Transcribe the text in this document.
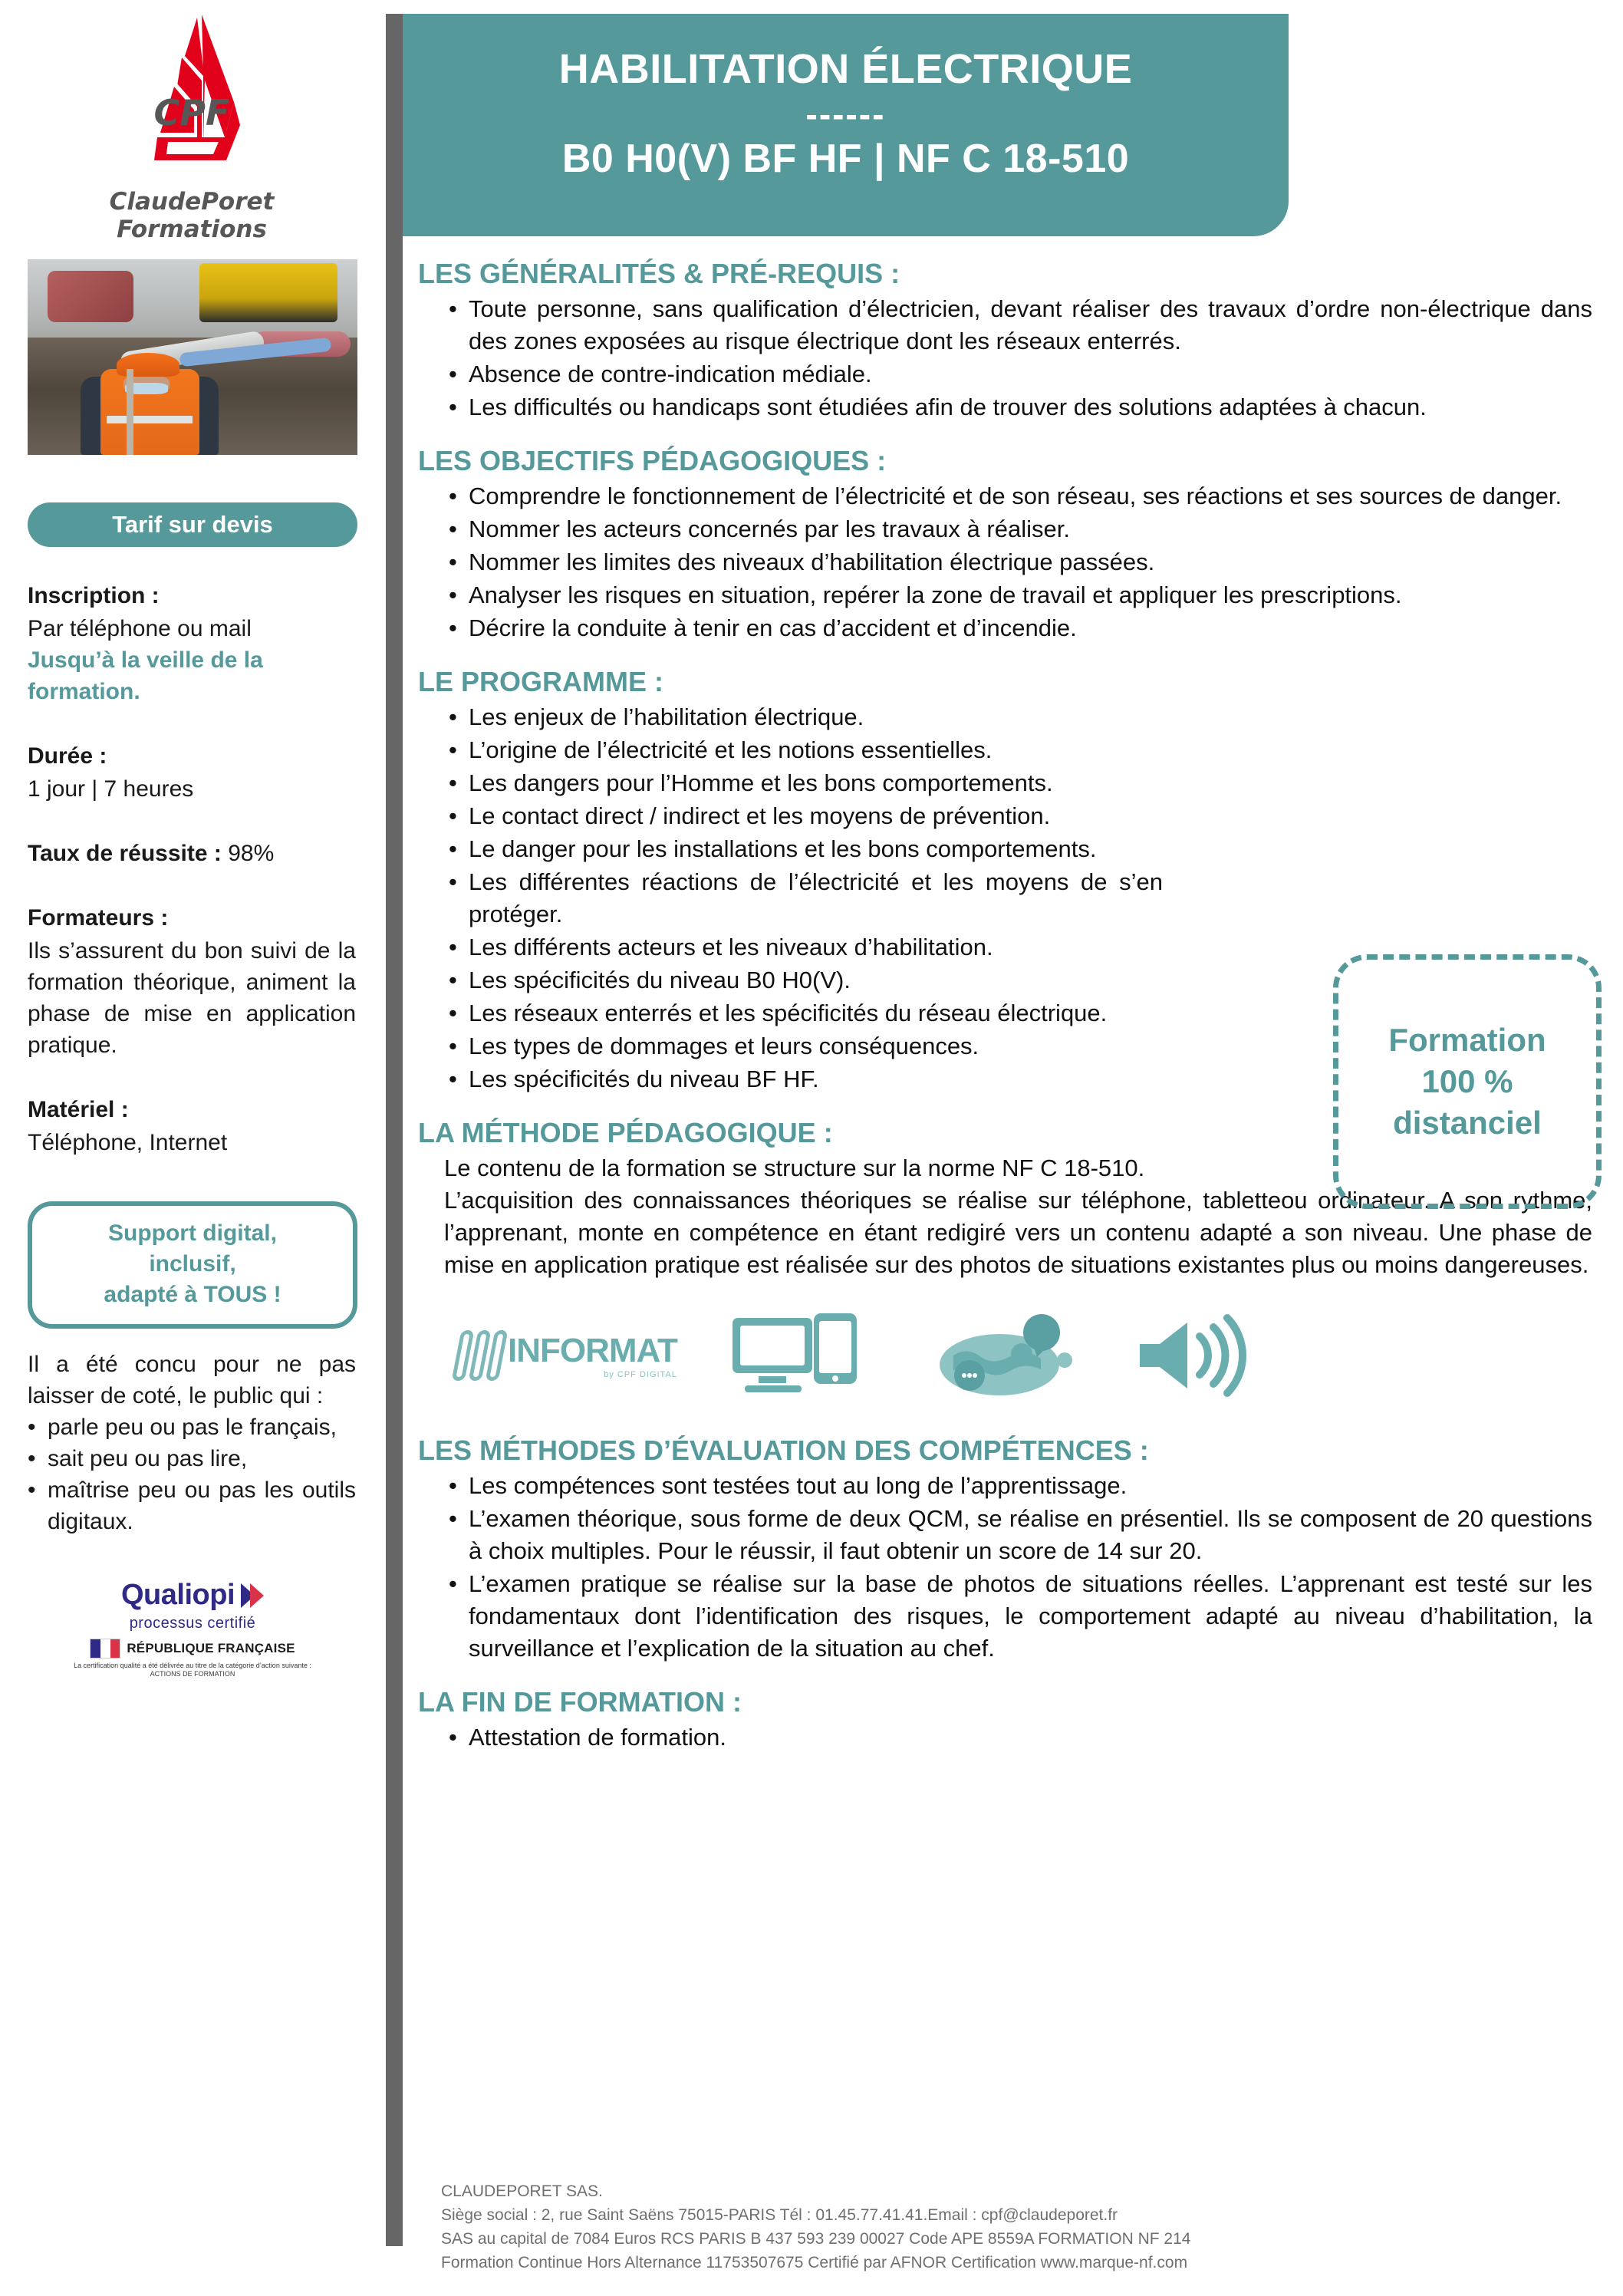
CPF
ClaudePoret
Formations
Tarif sur devis
Inscription :
Par téléphone ou mail
Jusqu’à la veille de la formation.
Durée :
1 jour | 7 heures
Taux de réussite : 98%
Formateurs :
Ils s’assurent du bon suivi de la formation théorique, animent la phase de mise en application pratique.
Matériel :
Téléphone, Internet
Support digital,
inclusif,
adapté à TOUS !
Il a été concu pour ne pas laisser de coté, le public qui :
• parle peu ou pas le français,
• sait peu ou pas lire,
• maîtrise peu ou pas les outils digitaux.
Qualiopi
processus certifié
RÉPUBLIQUE FRANÇAISE
La certification qualité a été délivrée au titre de la catégorie d’action suivante : ACTIONS DE FORMATION
HABILITATION ÉLECTRIQUE
------
B0 H0(V) BF HF | NF C 18-510
LES GÉNÉRALITÉS & PRÉ-REQUIS :
• Toute personne, sans qualification d’électricien, devant réaliser des travaux d’ordre non-électrique dans des zones exposées au risque électrique dont les réseaux enterrés.
• Absence de contre-indication médiale.
• Les difficultés ou handicaps sont étudiées afin de trouver des solutions adaptées à chacun.
LES OBJECTIFS PÉDAGOGIQUES :
• Comprendre le fonctionnement de l’électricité et de son réseau, ses réactions et ses sources de danger.
• Nommer les acteurs concernés par les travaux à réaliser.
• Nommer les limites des niveaux d’habilitation électrique passées.
• Analyser les risques en situation, repérer la zone de travail et appliquer les prescriptions.
• Décrire la conduite à tenir en cas d’accident et d’incendie.
LE PROGRAMME :
• Les enjeux de l’habilitation électrique.
• L’origine de l’électricité et les notions essentielles.
• Les dangers pour l’Homme et les bons comportements.
• Le contact direct / indirect et les moyens de prévention.
• Le danger pour les installations et les bons comportements.
• Les différentes réactions de l’électricité et les moyens de s’en protéger.
• Les différents acteurs et les niveaux d’habilitation.
• Les spécificités du niveau B0 H0(V).
• Les réseaux enterrés et les spécificités du réseau électrique.
• Les types de dommages et leurs conséquences.
• Les spécificités du niveau BF HF.
LA MÉTHODE PÉDAGOGIQUE :
Le contenu de la formation se structure sur la norme NF C 18-510.
L’acquisition des connaissances théoriques se réalise sur téléphone, tabletteou ordinateur. A son rythme, l’apprenant, monte en compétence en étant redigiré vers un contenu adapté a son niveau. Une phase de mise en application pratique est réalisée sur des photos de situations existantes plus ou moins dangereuses.
INFORMAT
by CPF DIGITAL
LES MÉTHODES D’ÉVALUATION DES COMPÉTENCES :
• Les compétences sont testées tout au long de l’apprentissage.
• L’examen théorique, sous forme de deux QCM, se réalise en présentiel. Ils se composent de 20 questions à choix multiples. Pour le réussir, il faut obtenir un score de 14 sur 20.
• L’examen pratique se réalise sur la base de photos de situations réelles. L’apprenant est testé sur les fondamentaux dont l’identification des risques, le comportement adapté au niveau d’habilitation, la surveillance et l’explication de la situation au chef.
LA FIN DE FORMATION :
• Attestation de formation.
Formation
100 %
distanciel
CLAUDEPORET SAS.
Siège social : 2, rue Saint Saëns 75015-PARIS Tél : 01.45.77.41.41.Email : cpf@claudeporet.fr
SAS au capital de 7084 Euros RCS PARIS B 437 593 239 00027 Code APE 8559A FORMATION NF 214
Formation Continue Hors Alternance 11753507675 Certifié par AFNOR Certification www.marque-nf.com
